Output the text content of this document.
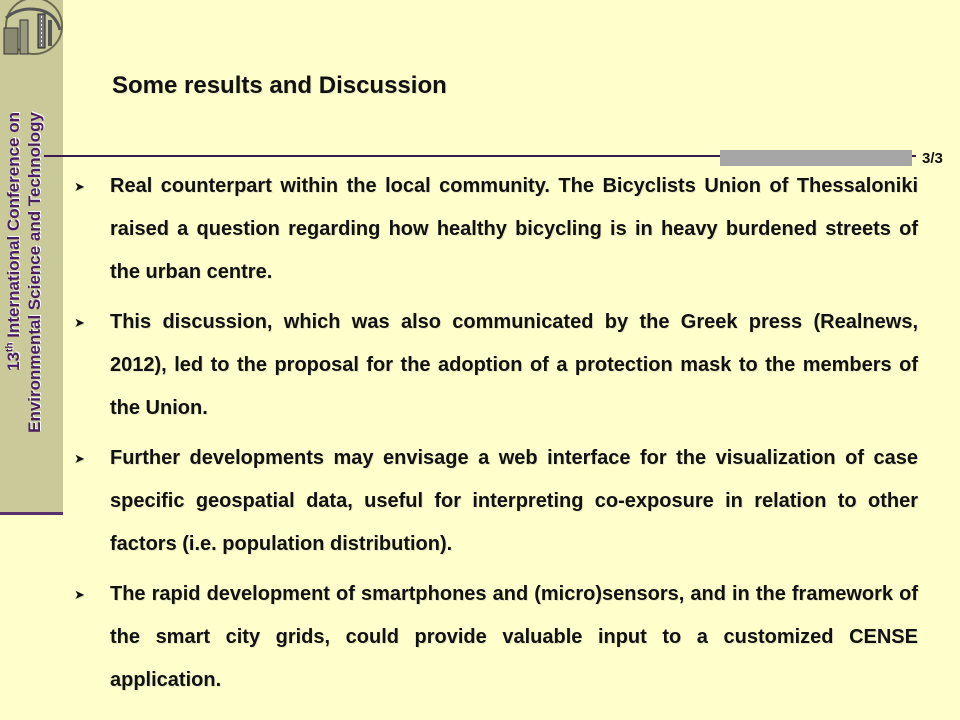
13th International Conference on Environmental Science and Technology
Some results and Discussion
3/3
➤ Real counterpart within the local community. The Bicyclists Union of Thessaloniki raised a question regarding how healthy bicycling is in heavy burdened streets of the urban centre.
➤ This discussion, which was also communicated by the Greek press (Realnews, 2012), led to the proposal for the adoption of a protection mask to the members of the Union.
➤ Further developments may envisage a web interface for the visualization of case specific geospatial data, useful for interpreting co-exposure in relation to other factors (i.e. population distribution).
➤ The rapid development of smartphones and (micro)sensors, and in the framework of the smart city grids, could provide valuable input to a customized CENSE application.
